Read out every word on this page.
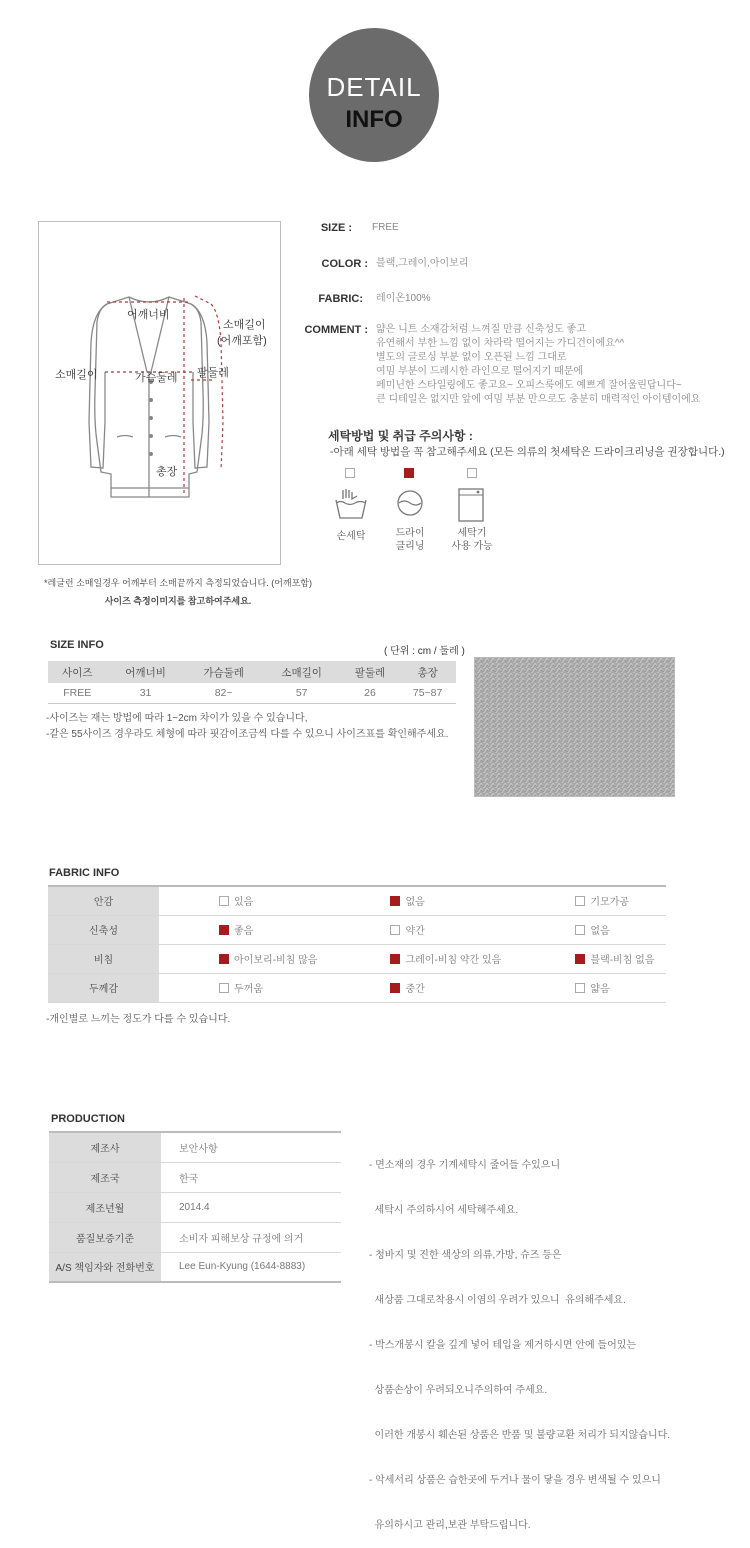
DETAIL
INFO
어깨너비
소매길이
(어깨포함)
소매길이	가슴둘레 팔둘레
총장
*레글런 소매일경우 어깨부터 소매끝까지 측정되었습니다. (어깨포함)
사이즈 측정이미지를 참고하여주세요.
SIZE : FREE
COLOR : 블랙,그레이,아이보리
FABRIC: 레이온100%
COMMENT : 얇은 니트 소재감처럼 느껴질 만큼 신축성도 좋고
유연해서 부한 느낌 없이 차라락 떨어지는 가디건이에요^^
별도의 글로싱 부분 없이 오픈된 느낌 그대로
여밈 부분이 드레시한 라인으로 떨어지기 때문에
페미닌한 스타일링에도 좋고요~ 오피스룩에도 예쁘게 잘어울린답니다~
큰 디테일은 없지만 앞에 여밈 부분 만으로도 충분히 매력적인 아이템이에요
세탁방법 및 취급 주의사항 :
-아래 세탁 방법을 꼭 참고해주세요 (모든 의류의 첫세탁은 드라이크리닝을 권장합니다.)
손세탁	드라이
클리닝
세탁기
사용 가능
SIZE INFO
( 단위 : cm / 둘레 )
사이즈	어깨너비	가슴둘레	소매길이	팔둘레	총장
FREE	31	82~	57	26	75~87
-사이즈는 재는 방법에 따라 1~2cm 차이가 있을 수 있습니다,
-같은 55사이즈 경우라도 체형에 따라 핏감이조금씩 다를 수 있으니 사이즈표를 확인해주세요.
FABRIC INFO
안감	있음	없음	기모가공
신축성	좋음	약간	없음
비침	아이보리-비침 많음	그레이-비침 약간 있음	블랙-비침 없음
두께감	두꺼움	중간	얇음
-개인별로 느끼는 정도가 다를 수 있습니다.
PRODUCTION
제조사	보안사항
제조국	한국
제조년월	2014.4
품질보증기준	소비자 피해보상 규정에 의거
A/S 책임자와 전화번호	Lee Eun-Kyung (1644-8883)

- 면소재의 경우 기계세탁시 줄어들 수있으니

세탁시 주의하시어 세탁해주세요.

- 청바지 및 진한 색상의 의류,가방, 슈즈 등은

새상품 그대로착용시 이염의 우려가 있으니  유의해주세요.

- 박스개봉시 칼을 깊게 넣어 테입을 제거하시면 안에 들어있는

상품손상이 우려되오니주의하여 주세요.

이러한 개봉시 훼손된 상품은 반품 및 불량교환 처리가 되지않습니다.

- 악세서리 상품은 습한곳에 두거나 물이 닿을 경우 변색될 수 있으니

유의하시고 관리,보관 부탁드립니다.
